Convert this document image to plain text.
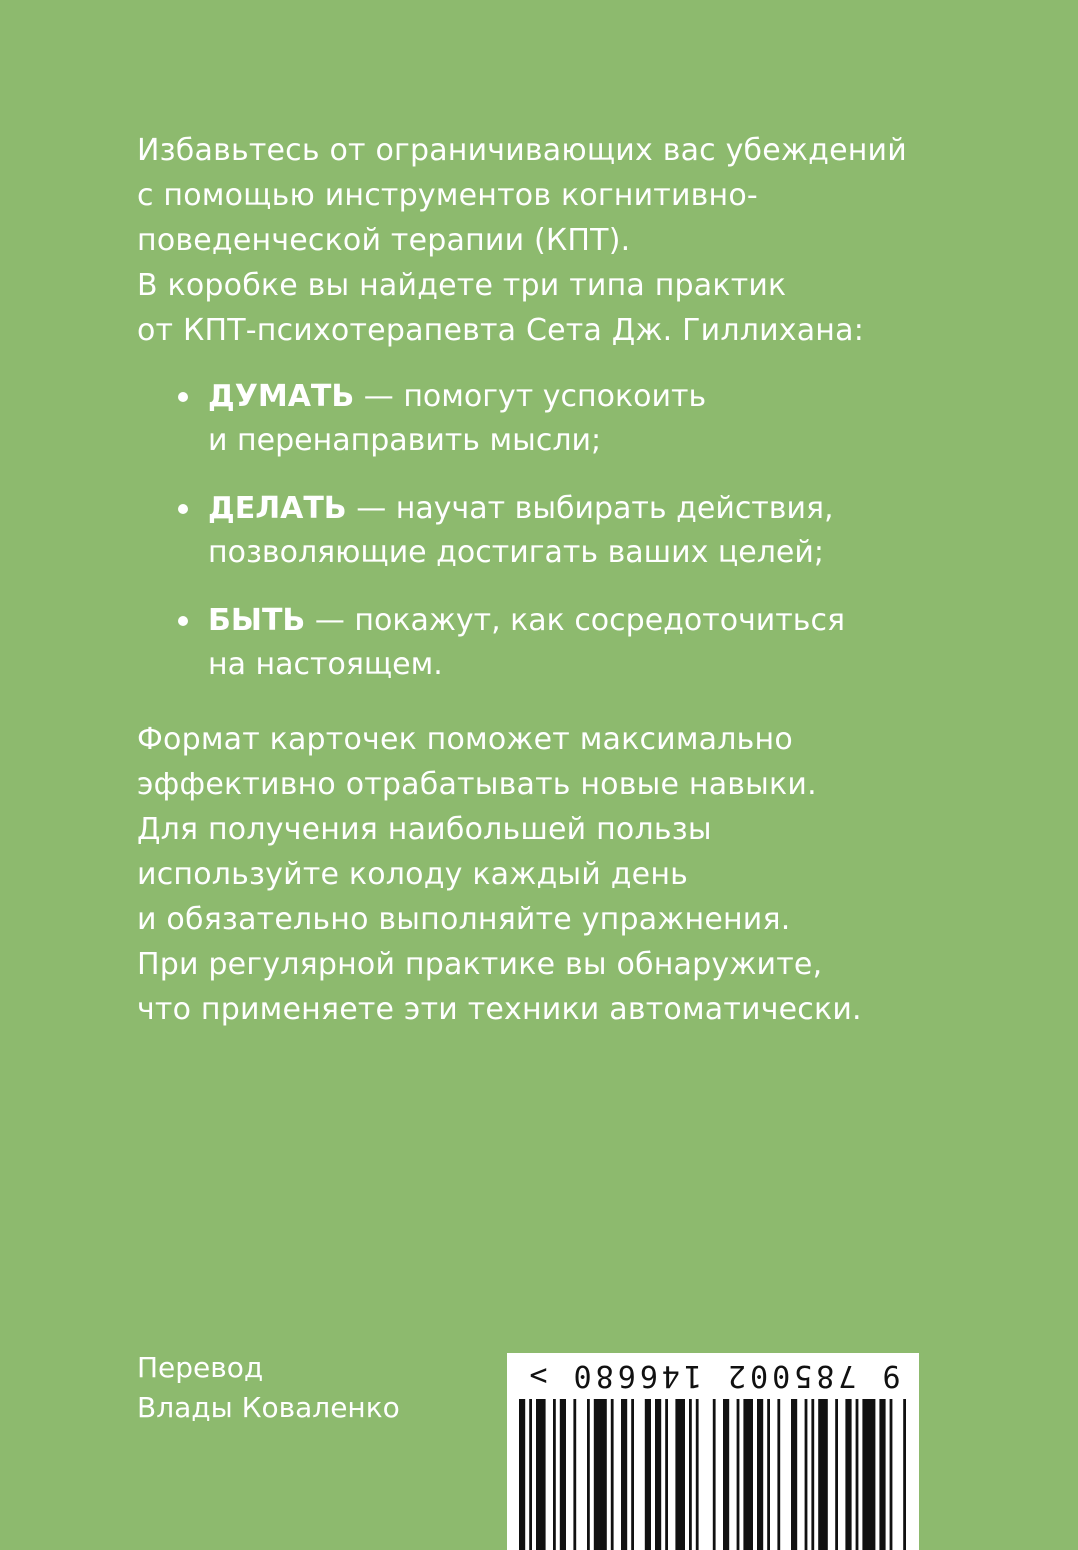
Избавьтесь от ограничивающих вас убеждений
с помощью инструментов когнитивно-
поведенческой терапии (КПТ).
В коробке вы найдете три типа практик
от КПТ-психотерапевта Сета Дж. Гиллихана:

ДУМАТЬ — помогут успокоить
и перенаправить мысли;
ДЕЛАТЬ — научат выбирать действия,
позволяющие достигать ваших целей;
БЫТЬ — покажут, как сосредоточиться
на настоящем.

Формат карточек поможет максимально
эффективно отрабатывать новые навыки.
Для получения наибольшей пользы
используйте колоду каждый день
и обязательно выполняйте упражнения.
При регулярной практике вы обнаружите,
что применяете эти техники автоматически.

Перевод
Влады Коваленко
9 785002 146680 >
